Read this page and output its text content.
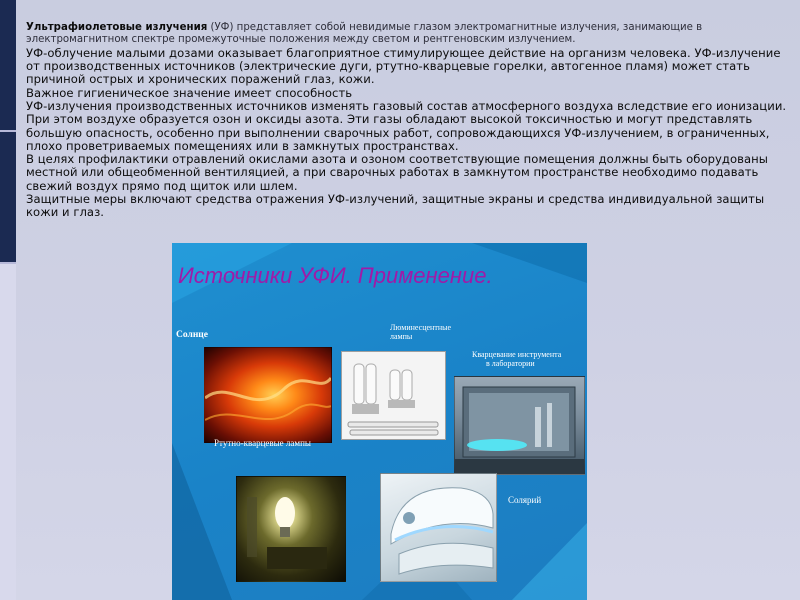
Ультрафиолетовые излучения (УФ) представляет собой невидимые глазом электромагнитные излучения, занимающие в электромагнитном спектре промежуточные положения между светом и рентгеновским излучением.

УФ-облучение малыми дозами оказывает благоприятное стимулирующее действие на организм человека. УФ-излучение от производственных источников (электрические дуги, ртутно-кварцевые горелки, автогенное пламя) может стать причиной острых и хронических поражений глаз, кожи.

Важное гигиеническое значение имеет способность

УФ-излучения производственных источников изменять газовый состав атмосферного воздуха вследствие его ионизации. При этом воздухе образуется озон и оксиды азота. Эти газы обладают высокой токсичностью и могут представлять большую опасность, особенно при выполнении сварочных работ, сопровождающихся УФ-излучением, в ограниченных, плохо проветриваемых помещениях или в замкнутых пространствах.

В целях профилактики отравлений окислами азота и озоном соответствующие помещения должны быть оборудованы местной или общеобменной вентиляцией, а при сварочных работах в замкнутом пространстве необходимо подавать свежий воздух прямо под щиток или шлем.

Защитные меры включают средства отражения УФ-излучений, защитные экраны и средства индивидуальной защиты кожи и глаз.

Источники УФИ. Применение.
Солнце
Люминесцентные
лампы
Кварцевание инструмента
в лаборатории
Ртутно-кварцевые лампы
Солярий
